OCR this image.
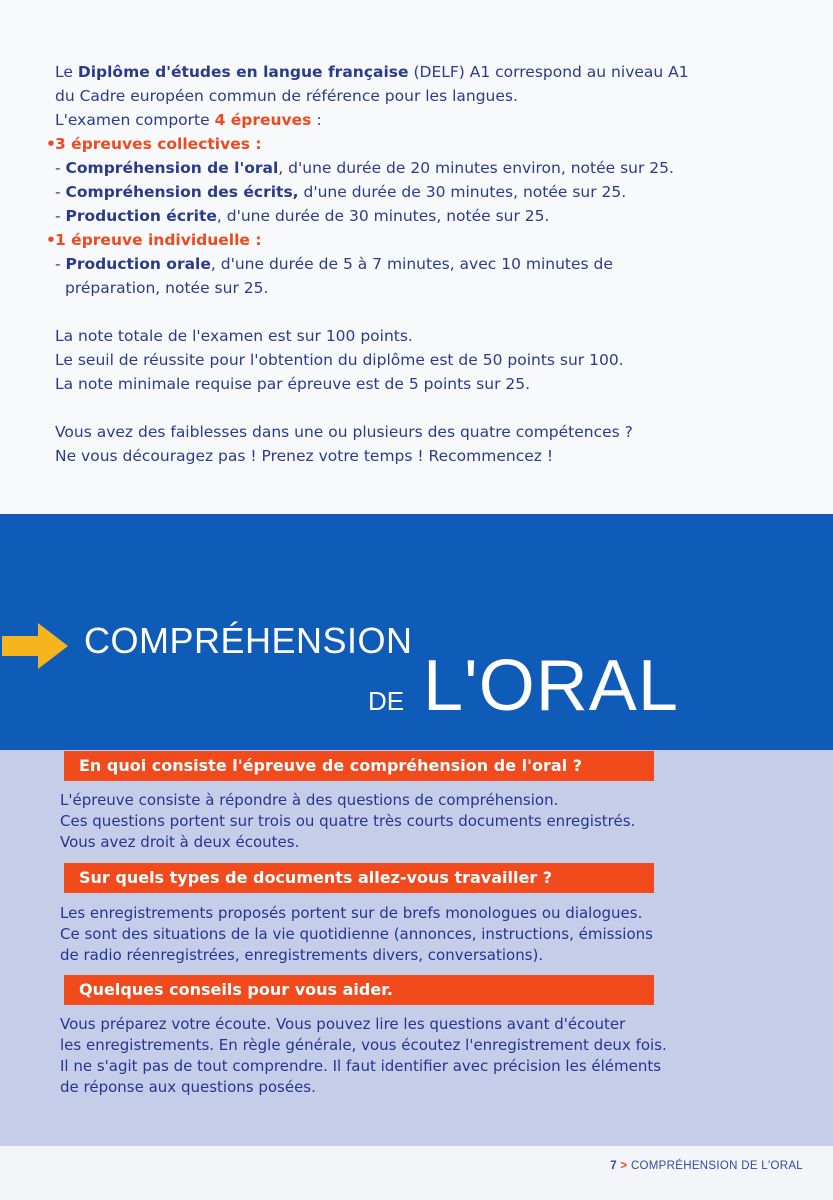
Le Diplôme d'études en langue française (DELF) A1 correspond au niveau A1

du Cadre européen commun de référence pour les langues.

L'examen comporte 4 épreuves :

• 3 épreuves collectives :

- Compréhension de l'oral, d'une durée de 20 minutes environ, notée sur 25.

- Compréhension des écrits, d'une durée de 30 minutes, notée sur 25.

- Production écrite, d'une durée de 30 minutes, notée sur 25.

• 1 épreuve individuelle :

- Production orale, d'une durée de 5 à 7 minutes, avec 10 minutes de
préparation, notée sur 25.

La note totale de l'examen est sur 100 points.

Le seuil de réussite pour l'obtention du diplôme est de 50 points sur 100.

La note minimale requise par épreuve est de 5 points sur 25.

Vous avez des faiblesses dans une ou plusieurs des quatre compétences ?

Ne vous découragez pas ! Prenez votre temps ! Recommencez !

COMPRÉHENSION
DE L'ORAL
En quoi consiste l'épreuve de compréhension de l'oral ?

L'épreuve consiste à répondre à des questions de compréhension.

Ces questions portent sur trois ou quatre très courts documents enregistrés.

Vous avez droit à deux écoutes.

Sur quels types de documents allez-vous travailler ?

Les enregistrements proposés portent sur de brefs monologues ou dialogues.

Ce sont des situations de la vie quotidienne (annonces, instructions, émissions

de radio réenregistrées, enregistrements divers, conversations).

Quelques conseils pour vous aider.

Vous préparez votre écoute. Vous pouvez lire les questions avant d'écouter

les enregistrements. En règle générale, vous écoutez l'enregistrement deux fois.

Il ne s'agit pas de tout comprendre. Il faut identifier avec précision les éléments

de réponse aux questions posées.

7 > COMPRÉHENSION DE L'ORAL
